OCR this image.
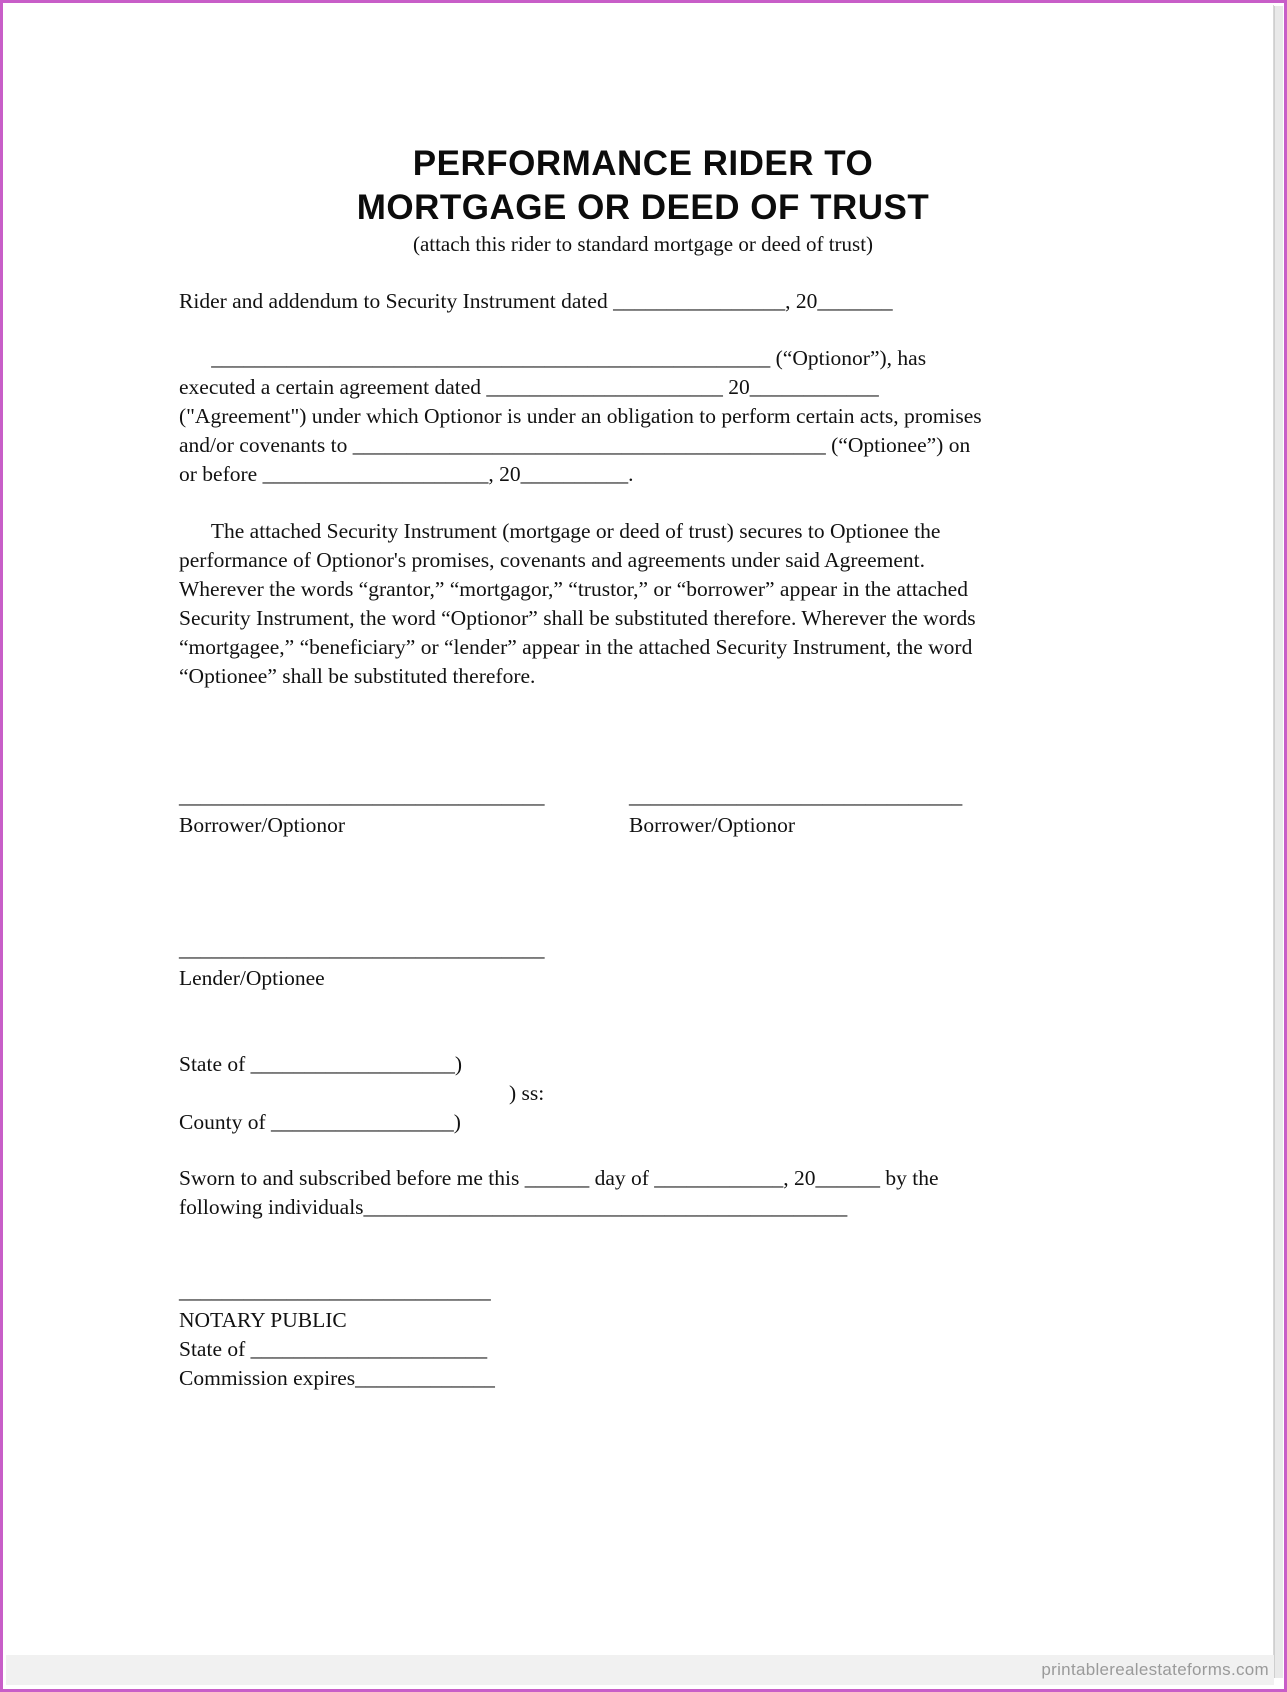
PERFORMANCE RIDER TO
MORTGAGE OR DEED OF TRUST
(attach this rider to standard mortgage or deed of trust)
Rider and addendum to Security Instrument dated ________________, 20_______
____________________________________________________ (“Optionor”), has
executed a certain agreement dated ______________________ 20____________
("Agreement") under which Optionor is under an obligation to perform certain acts, promises
and/or covenants to ____________________________________________ (“Optionee”) on
or before _____________________, 20__________.
The attached Security Instrument (mortgage or deed of trust) secures to Optionee the
performance of Optionor's promises, covenants and agreements under said Agreement.
Wherever the words “grantor,” “mortgagor,” “trustor,” or “borrower” appear in the attached
Security Instrument, the word “Optionor” shall be substituted therefore. Wherever the words
“mortgagee,” “beneficiary” or “lender” appear in the attached Security Instrument, the word
“Optionee” shall be substituted therefore.
__________________________________
Borrower/Optionor
_______________________________
Borrower/Optionor
__________________________________
Lender/Optionee
State of ___________________)
) ss:
County of _________________)
Sworn to and subscribed before me this ______ day of ____________, 20______ by the
following individuals_____________________________________________
_____________________________
NOTARY PUBLIC
State of ______________________
Commission expires_____________
printablerealestateforms.com
